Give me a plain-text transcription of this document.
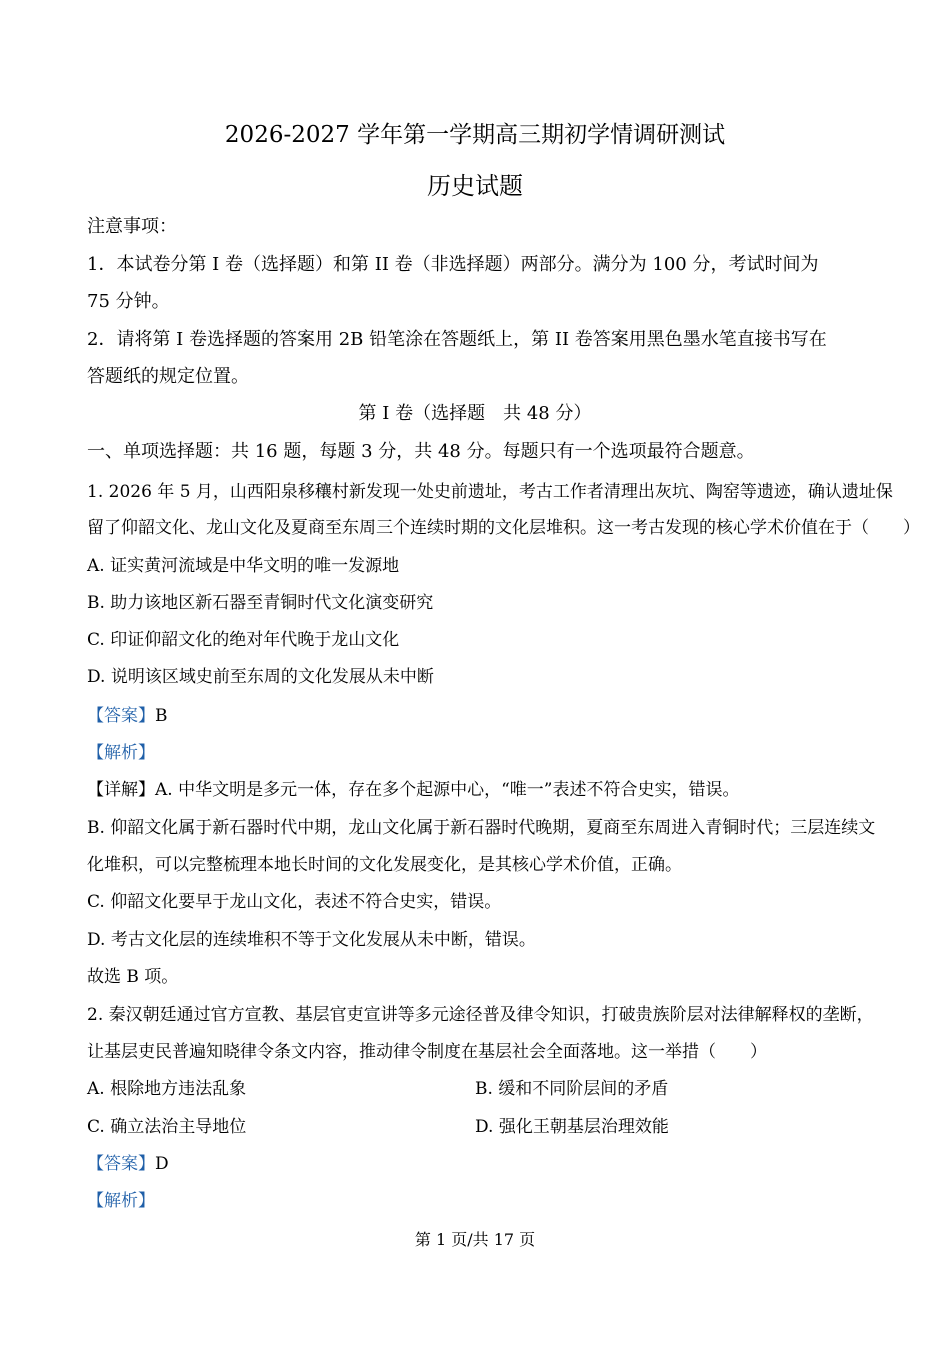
2026-2027 学年第一学期高三期初学情调研测试
历史试题
注意事项：
1．本试卷分第 I 卷（选择题）和第 II 卷（非选择题）两部分。满分为 100 分，考试时间为
75 分钟。
2．请将第 I 卷选择题的答案用 2B 铅笔涂在答题纸上，第 II 卷答案用黑色墨水笔直接书写在
答题纸的规定位置。
第 I 卷（选择题　共 48 分）
一、单项选择题：共 16 题，每题 3 分，共 48 分。每题只有一个选项最符合题意。
1. 2026 年 5 月，山西阳泉移穰村新发现一处史前遗址，考古工作者清理出灰坑、陶窑等遗迹，确认遗址保
留了仰韶文化、龙山文化及夏商至东周三个连续时期的文化层堆积。这一考古发现的核心学术价值在于（　　）
A. 证实黄河流域是中华文明的唯一发源地
B. 助力该地区新石器至青铜时代文化演变研究
C. 印证仰韶文化的绝对年代晚于龙山文化
D. 说明该区域史前至东周的文化发展从未中断
【答案】B
【解析】
【详解】A. 中华文明是多元一体，存在多个起源中心，“唯一”表述不符合史实，错误。
B. 仰韶文化属于新石器时代中期，龙山文化属于新石器时代晚期，夏商至东周进入青铜时代；三层连续文
化堆积，可以完整梳理本地长时间的文化发展变化，是其核心学术价值，正确。
C. 仰韶文化要早于龙山文化，表述不符合史实，错误。
D. 考古文化层的连续堆积不等于文化发展从未中断，错误。
故选 B 项。
2. 秦汉朝廷通过官方宣教、基层官吏宣讲等多元途径普及律令知识，打破贵族阶层对法律解释权的垄断，
让基层吏民普遍知晓律令条文内容，推动律令制度在基层社会全面落地。这一举措（　　）
A. 根除地方违法乱象	B. 缓和不同阶层间的矛盾
C. 确立法治主导地位	D. 强化王朝基层治理效能
【答案】D
【解析】
第 1 页/共 17 页
